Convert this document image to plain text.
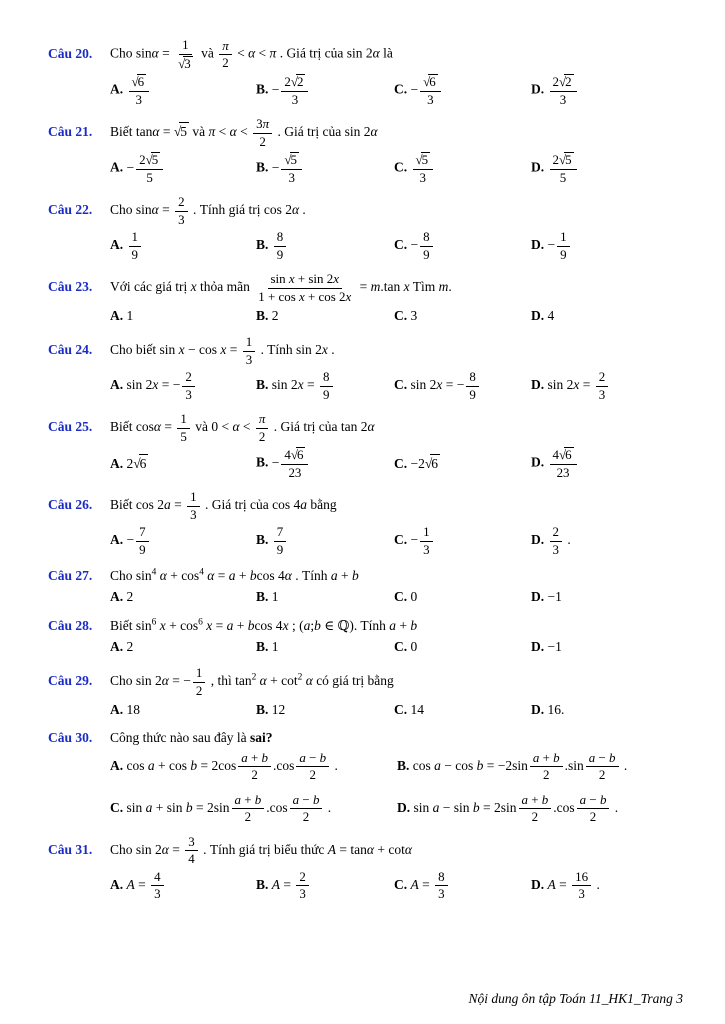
Câu 20.	Cho $\sin\alpha = \frac{1}{√3}$ và $\frac{\pi}{2} < \alpha < \pi$ . Giá trị của sin 2α là
A. $\frac{√6}{3}$	B. − $\frac{2√2}{3}$	C. − $\frac{√6}{3}$	D. $\frac{2√2}{3}$
Câu 21.	Biết tanα = √5 và $\pi < \alpha < \frac{3\pi}{2}$ . Giá trị của sin 2α
A. − $\frac{2√5}{5}$	B. − $\frac{√5}{3}$	C. $\frac{√5}{3}$	D. $\frac{2√5}{5}$
Câu 22.	Cho $\sin\alpha = \frac{2}{3}$ . Tính giá trị cos 2α .
A. $\frac{1}{9}$	B. $\frac{8}{9}$	C. − $\frac{8}{9}$	D. − $\frac{1}{9}$
Câu 23.	Với các giá trị x thỏa mãn $\frac{\text{sin x + sin 2x}}{\text{1 + cos x + cos 2x}} = m.\tan$ x Tìm m.
A. 1	B. 2	C. 3	D. 4
Câu 24.	Cho biết $\sin x - \cos x = \frac{1}{3}$ . Tính sin 2x .
A. sin 2x = − $\frac{2}{3}$	B. $\sin 2x = \frac{8}{9}$	C. sin 2x = − $\frac{8}{9}$	D. $\sin 2x = \frac{2}{3}$
Câu 25.	Biết $\cos\alpha = \frac{1}{5}$ và $0 < \alpha < \frac{\pi}{2}$ . Giá trị của tan 2α
A. 2√6	B. − $\frac{4√6}{23}$	C. −2√6	D. $\frac{4√6}{23}$
Câu 26.	Biết $\cos 2a = \frac{1}{3}$ . Giá trị của cos 4a bằng
A. − $\frac{7}{9}$	B. $\frac{7}{9}$	C. − $\frac{1}{3}$	D. $\frac{2}{3}$ .
Câu 27.	Cho $\sin^4 \alpha + \cos^4 \alpha = a + bcos$ 4α . Tính a + b
A. 2	B. 1	C. 0	D. −1
Câu 28.	Biết $\sin^6 x + \cos^6 x = a + bcos$ 4x ; (a;b ∈ ℚ). Tính a + b
A. 2	B. 1	C. 0	D. −1
Câu 29.	Cho sin 2α = − $\frac{1}{2}$ , thì $\tan^2 \alpha + \cot^2 \alpha$ có giá trị bằng
A. 18	B. 12	C. 14	D. 16.
Câu 30.	Công thức nào sau đây là sai?
A. $\cos a + \cos b = 2\cos \frac{a + b}{2} .\cos \frac{a - b}{2}$ .	B. $\cos a - \cos b = -2\sin \frac{a + b}{2} .\sin \frac{a - b}{2}$ .
C. $\sin a + \sin b = 2\sin \frac{a + b}{2} .\cos \frac{a - b}{2}$ .	D. $\sin a - \sin b = 2\sin \frac{a + b}{2} .\cos \frac{a - b}{2}$ .
Câu 31.	Cho $\sin 2\alpha = \frac{3}{4}$ . Tính giá trị biểu thức A = tanα + cotα
A. $A = \frac{4}{3}$	B. $A = \frac{2}{3}$	C. $A = \frac{8}{3}$	D. $A = \frac{16}{3}$ .
Nội dung ôn tập Toán 11_HK1_Trang 3
